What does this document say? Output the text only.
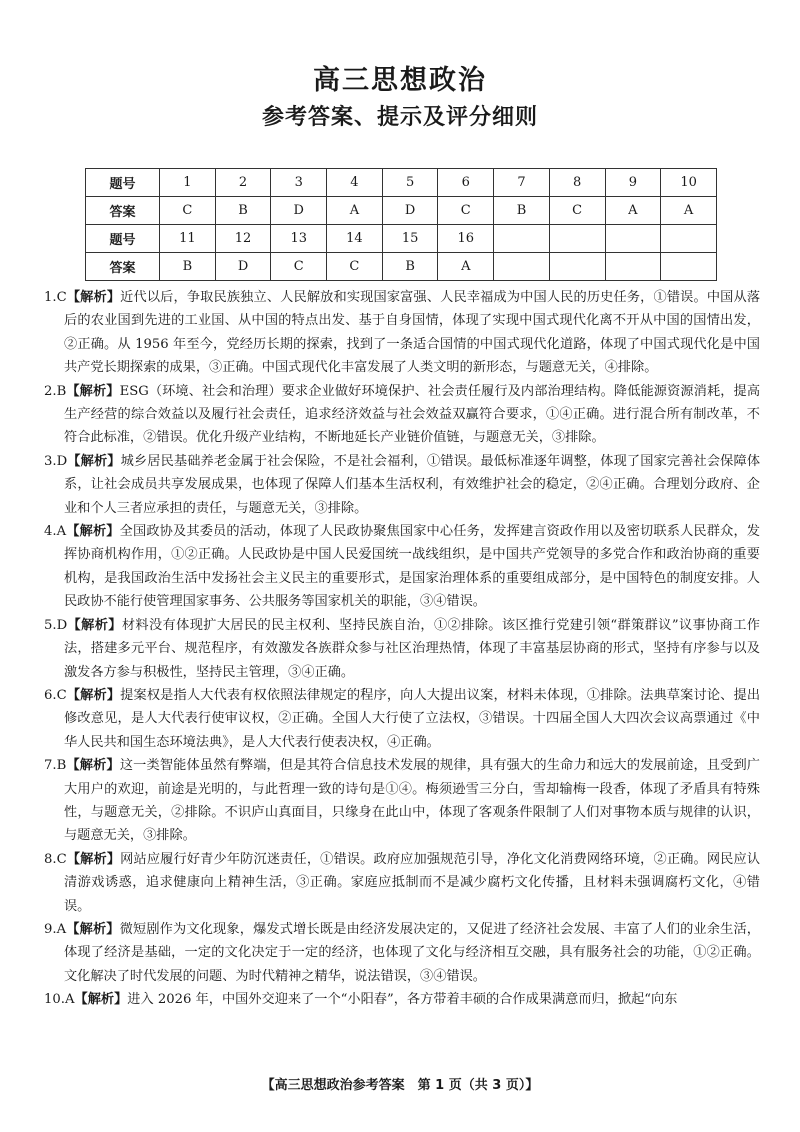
高三思想政治
参考答案、提示及评分细则
题号	1	2	3	4	5	6	7	8	9	10
答案	C	B	D	A	D	C	B	C	A	A
题号	11	12	13	14	15	16				
答案	B	D	C	C	B	A				
1.C【解析】近代以后，争取民族独立、人民解放和实现国家富强、人民幸福成为中国人民的历史任务，①错误。中国从落后的农业国到先进的工业国、从中国的特点出发、基于自身国情，体现了实现中国式现代化离不开从中国的国情出发，②正确。从 1956 年至今，党经历长期的探索，找到了一条适合国情的中国式现代化道路，体现了中国式现代化是中国共产党长期探索的成果，③正确。中国式现代化丰富发展了人类文明的新形态，与题意无关，④排除。
2.B【解析】ESG（环境、社会和治理）要求企业做好环境保护、社会责任履行及内部治理结构。降低能源资源消耗，提高生产经营的综合效益以及履行社会责任，追求经济效益与社会效益双赢符合要求，①④正确。进行混合所有制改革，不符合此标准，②错误。优化升级产业结构，不断地延长产业链价值链，与题意无关，③排除。
3.D【解析】城乡居民基础养老金属于社会保险，不是社会福利，①错误。最低标准逐年调整，体现了国家完善社会保障体系，让社会成员共享发展成果，也体现了保障人们基本生活权利，有效维护社会的稳定，②④正确。合理划分政府、企业和个人三者应承担的责任，与题意无关，③排除。
4.A【解析】全国政协及其委员的活动，体现了人民政协聚焦国家中心任务，发挥建言资政作用以及密切联系人民群众，发挥协商机构作用，①②正确。人民政协是中国人民爱国统一战线组织，是中国共产党领导的多党合作和政治协商的重要机构，是我国政治生活中发扬社会主义民主的重要形式，是国家治理体系的重要组成部分，是中国特色的制度安排。人民政协不能行使管理国家事务、公共服务等国家机关的职能，③④错误。
5.D【解析】材料没有体现扩大居民的民主权利、坚持民族自治，①②排除。该区推行党建引领“群策群议”议事协商工作法，搭建多元平台、规范程序，有效激发各族群众参与社区治理热情，体现了丰富基层协商的形式，坚持有序参与以及激发各方参与积极性，坚持民主管理，③④正确。
6.C【解析】提案权是指人大代表有权依照法律规定的程序，向人大提出议案，材料未体现，①排除。法典草案讨论、提出修改意见，是人大代表行使审议权，②正确。全国人大行使了立法权，③错误。十四届全国人大四次会议高票通过《中华人民共和国生态环境法典》，是人大代表行使表决权，④正确。
7.B【解析】这一类智能体虽然有弊端，但是其符合信息技术发展的规律，具有强大的生命力和远大的发展前途，且受到广大用户的欢迎，前途是光明的，与此哲理一致的诗句是①④。梅须逊雪三分白，雪却输梅一段香，体现了矛盾具有特殊性，与题意无关，②排除。不识庐山真面目，只缘身在此山中，体现了客观条件限制了人们对事物本质与规律的认识，与题意无关，③排除。
8.C【解析】网站应履行好青少年防沉迷责任，①错误。政府应加强规范引导，净化文化消费网络环境，②正确。网民应认清游戏诱惑，追求健康向上精神生活，③正确。家庭应抵制而不是减少腐朽文化传播，且材料未强调腐朽文化，④错误。
9.A【解析】微短剧作为文化现象，爆发式增长既是由经济发展决定的，又促进了经济社会发展、丰富了人们的业余生活，体现了经济是基础，一定的文化决定于一定的经济，也体现了文化与经济相互交融，具有服务社会的功能，①②正确。文化解决了时代发展的问题、为时代精神之精华，说法错误，③④错误。
10.A【解析】进入 2026 年，中国外交迎来了一个“小阳春”，各方带着丰硕的合作成果满意而归，掀起“向东
【高三思想政治参考答案　第 1 页（共 3 页）】
